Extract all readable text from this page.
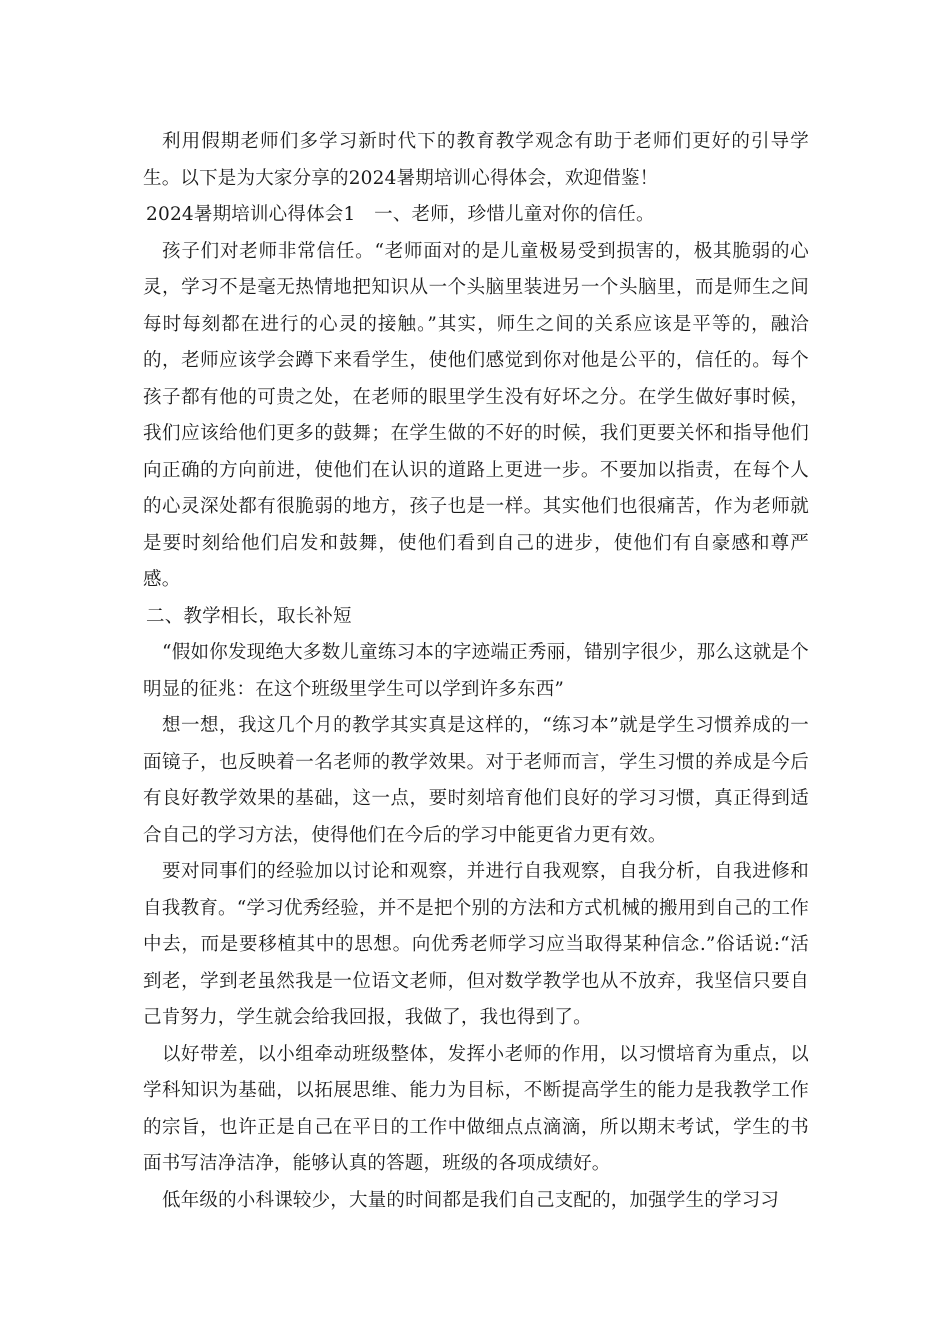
利用假期老师们多学习新时代下的教育教学观念有助于老师们更好的引导学生。以下是为大家分享的2024暑期培训心得体会，欢迎借鉴！

2024暑期培训心得体会1　一、老师，珍惜儿童对你的信任。

孩子们对老师非常信任。“老师面对的是儿童极易受到损害的，极其脆弱的心灵，学习不是毫无热情地把知识从一个头脑里装进另一个头脑里，而是师生之间每时每刻都在进行的心灵的接触。”其实，师生之间的关系应该是平等的，融洽的，老师应该学会蹲下来看学生，使他们感觉到你对他是公平的，信任的。每个孩子都有他的可贵之处，在老师的眼里学生没有好坏之分。在学生做好事时候，我们应该给他们更多的鼓舞；在学生做的不好的时候，我们更要关怀和指导他们向正确的方向前进，使他们在认识的道路上更进一步。不要加以指责，在每个人的心灵深处都有很脆弱的地方，孩子也是一样。其实他们也很痛苦，作为老师就是要时刻给他们启发和鼓舞，使他们看到自己的进步，使他们有自豪感和尊严感。

二、教学相长，取长补短

“假如你发现绝大多数儿童练习本的字迹端正秀丽，错别字很少，那么这就是个明显的征兆：在这个班级里学生可以学到许多东西”

想一想，我这几个月的教学其实真是这样的，“练习本”就是学生习惯养成的一面镜子，也反映着一名老师的教学效果。对于老师而言，学生习惯的养成是今后有良好教学效果的基础，这一点，要时刻培育他们良好的学习习惯，真正得到适合自己的学习方法，使得他们在今后的学习中能更省力更有效。

要对同事们的经验加以讨论和观察，并进行自我观察，自我分析，自我进修和自我教育。“学习优秀经验，并不是把个别的方法和方式机械的搬用到自己的工作中去，而是要移植其中的思想。向优秀老师学习应当取得某种信念.”俗话说:“活到老，学到老虽然我是一位语文老师，但对数学教学也从不放弃，我坚信只要自己肯努力，学生就会给我回报，我做了，我也得到了。

以好带差，以小组牵动班级整体，发挥小老师的作用，以习惯培育为重点，以学科知识为基础，以拓展思维、能力为目标，不断提高学生的能力是我教学工作的宗旨，也许正是自己在平日的工作中做细点点滴滴，所以期末考试，学生的书面书写洁净洁净，能够认真的答题，班级的各项成绩好。

低年级的小科课较少，大量的时间都是我们自己支配的，加强学生的学习习
